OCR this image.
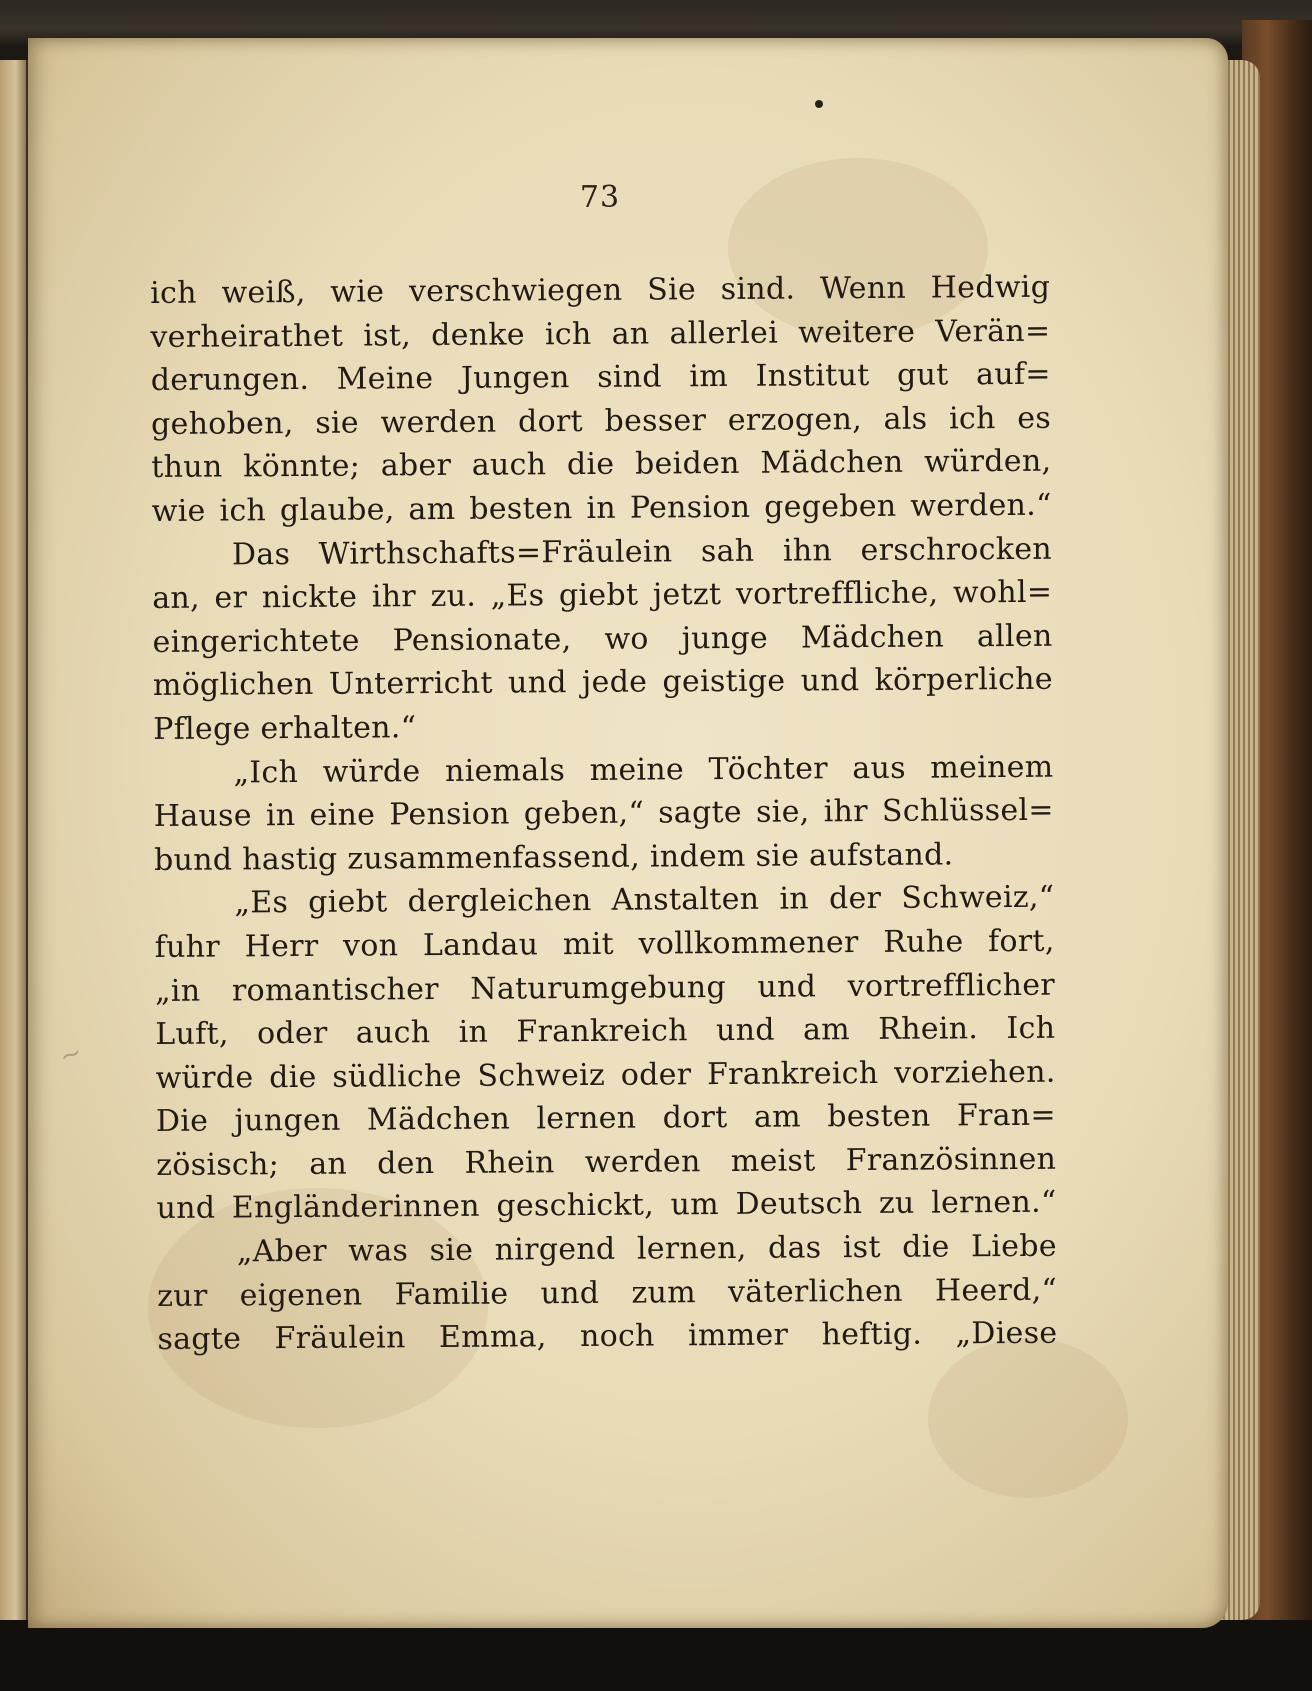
~
73
ich weiß, wie verschwiegen Sie sind. Wenn Hedwig
verheirathet ist, denke ich an allerlei weitere Verän=
derungen. Meine Jungen sind im Institut gut auf=
gehoben, sie werden dort besser erzogen, als ich es
thun könnte; aber auch die beiden Mädchen würden,
wie ich glaube, am besten in Pension gegeben werden.“
Das Wirthschafts=Fräulein sah ihn erschrocken
an, er nickte ihr zu. „Es giebt jetzt vortreffliche, wohl=
eingerichtete Pensionate, wo junge Mädchen allen
möglichen Unterricht und jede geistige und körperliche
Pflege erhalten.“
„Ich würde niemals meine Töchter aus meinem
Hause in eine Pension geben,“ sagte sie, ihr Schlüssel=
bund hastig zusammenfassend, indem sie aufstand.
„Es giebt dergleichen Anstalten in der Schweiz,“
fuhr Herr von Landau mit vollkommener Ruhe fort,
„in romantischer Naturumgebung und vortrefflicher
Luft, oder auch in Frankreich und am Rhein. Ich
würde die südliche Schweiz oder Frankreich vorziehen.
Die jungen Mädchen lernen dort am besten Fran=
zösisch; an den Rhein werden meist Französinnen
und Engländerinnen geschickt, um Deutsch zu lernen.“
„Aber was sie nirgend lernen, das ist die Liebe
zur eigenen Familie und zum väterlichen Heerd,“
sagte Fräulein Emma, noch immer heftig. „Diese
